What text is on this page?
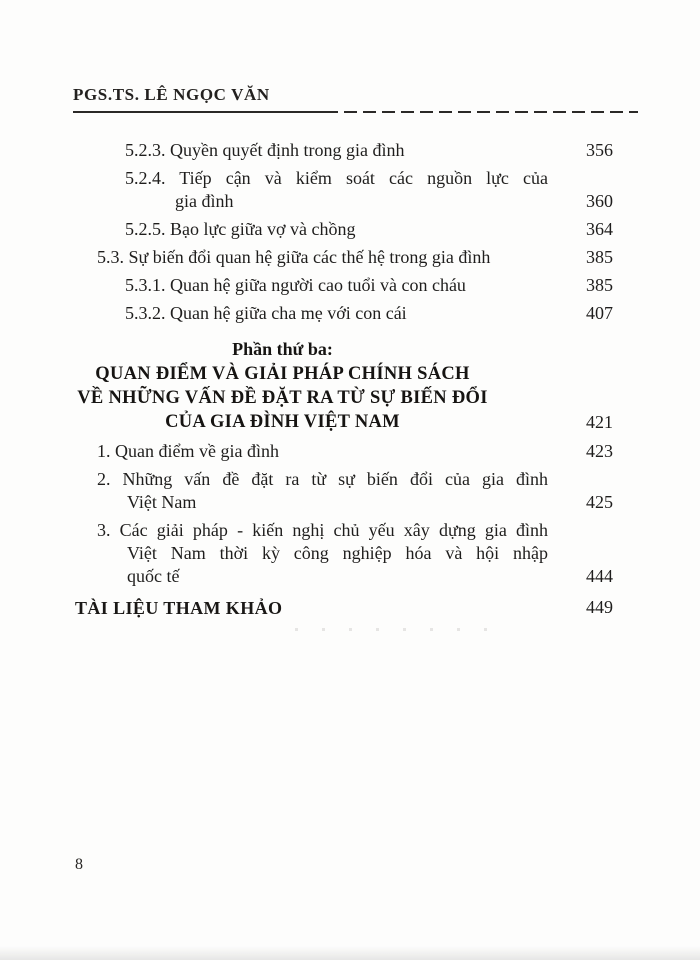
PGS.TS. LÊ NGỌC VĂN
5.2.3. Quyền quyết định trong gia đình	356
5.2.4. Tiếp cận và kiểm soát các nguồn lực của
gia đình	360
5.2.5. Bạo lực giữa vợ và chồng	364
5.3. Sự biến đổi quan hệ giữa các thế hệ trong gia đình	385
5.3.1. Quan hệ giữa người cao tuổi và con cháu	385
5.3.2. Quan hệ giữa cha mẹ với con cái	407
Phần thứ ba:
QUAN ĐIỂM VÀ GIẢI PHÁP CHÍNH SÁCH
VỀ NHỮNG VẤN ĐỀ ĐẶT RA TỪ SỰ BIẾN ĐỔI
CỦA GIA ĐÌNH VIỆT NAM	421
1. Quan điểm về gia đình	423
2. Những vấn đề đặt ra từ sự biến đổi của gia đình
Việt Nam	425
3. Các giải pháp - kiến nghị chủ yếu xây dựng gia đình
Việt Nam thời kỳ công nghiệp hóa và hội nhập
quốc tế	444
TÀI LIỆU THAM KHẢO	449
8
